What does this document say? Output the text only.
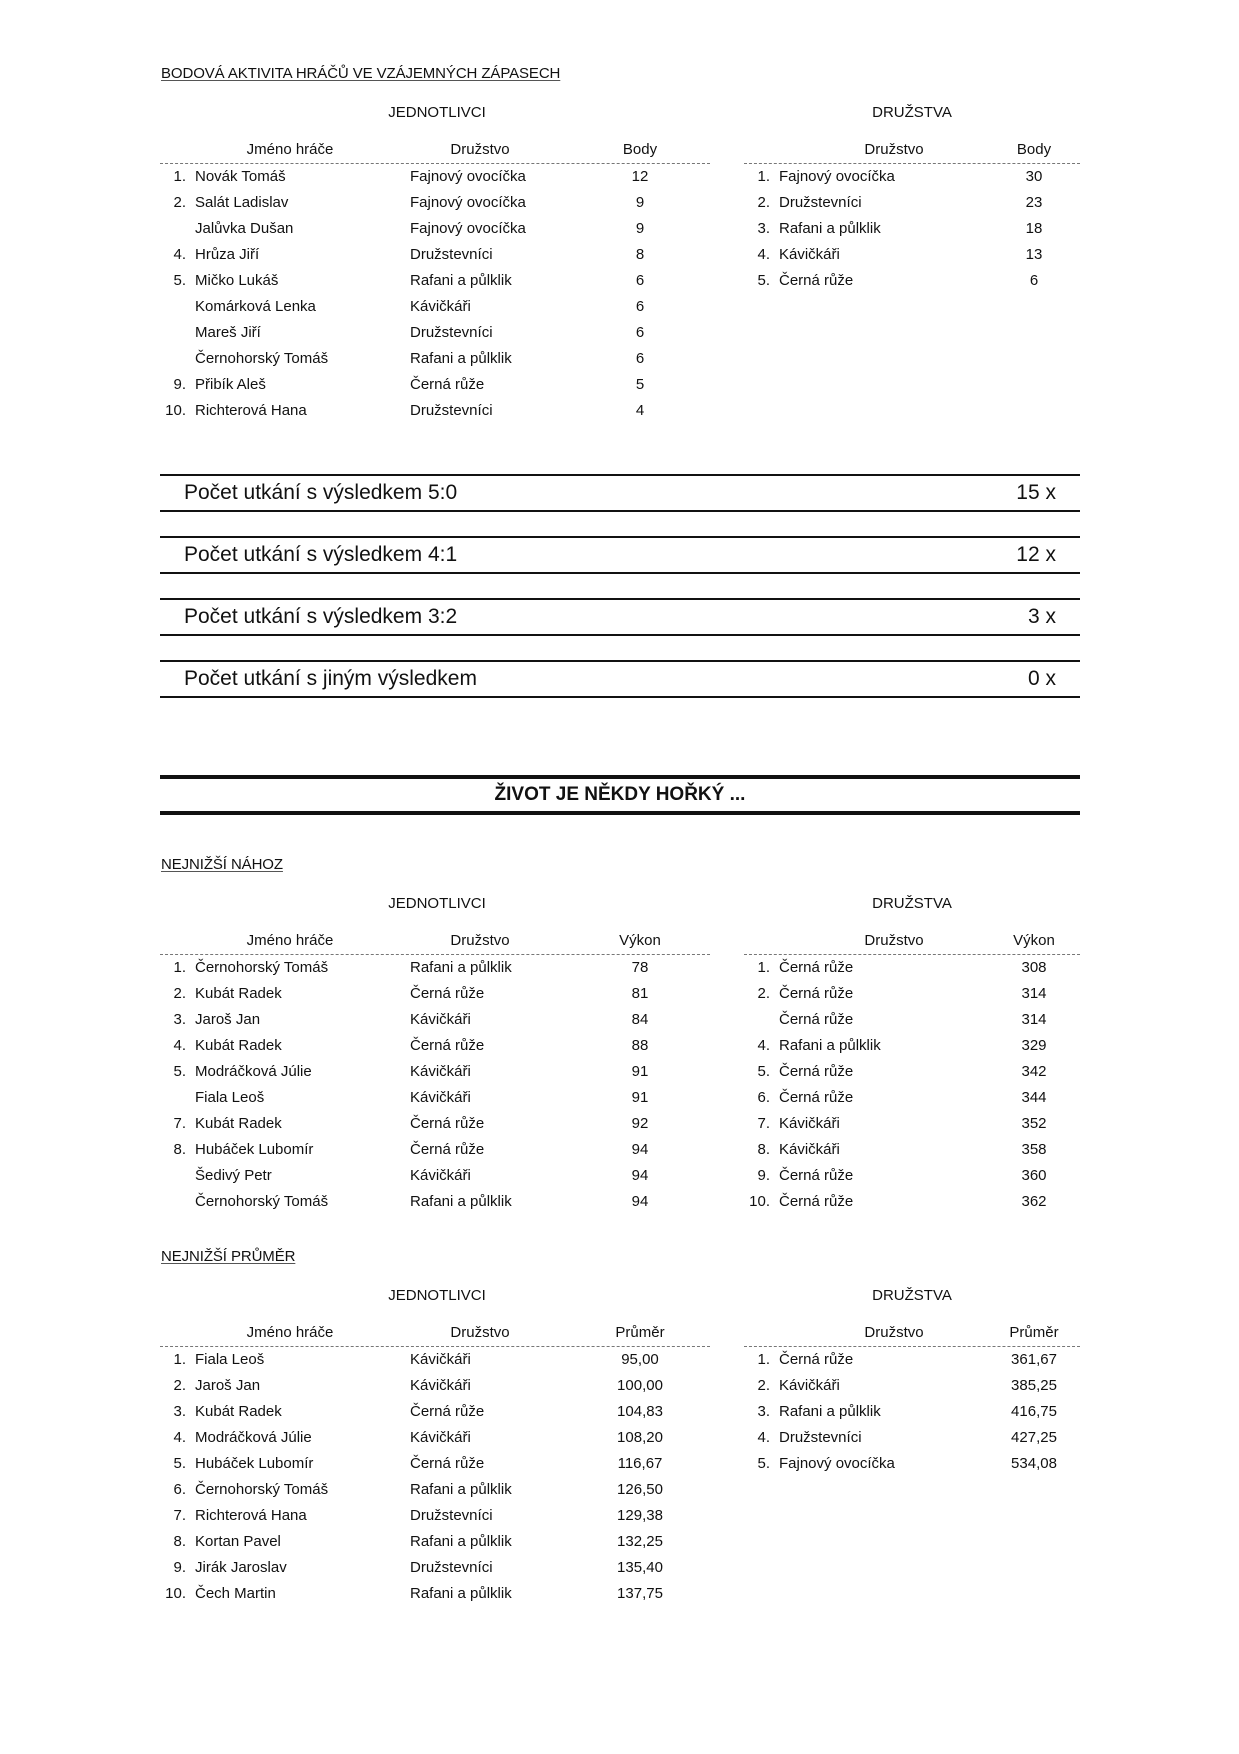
BODOVÁ AKTIVITA HRÁČŮ VE VZÁJEMNÝCH ZÁPASECH
JEDNOTLIVCI	DRUŽSTVA
Jméno hráče	Družstvo	Body
1. Novák Tomáš	Fajnový ovocíčka	12
2. Salát Ladislav	Fajnový ovocíčka	9
Jalůvka Dušan	Fajnový ovocíčka	9
4. Hrůza Jiří	Družstevníci	8
5. Mičko Lukáš	Rafani a půlklik	6
Komárková Lenka	Kávičkáři	6
Mareš Jiří	Družstevníci	6
Černohorský Tomáš	Rafani a půlklik	6
9. Přibík Aleš	Černá růže	5
10. Richterová Hana	Družstevníci	4
Družstvo	Body
1. Fajnový ovocíčka	30
2. Družstevníci	23
3. Rafani a půlklik	18
4. Kávičkáři	13
5. Černá růže	6
Počet utkání s výsledkem 5:0	15 x
Počet utkání s výsledkem 4:1	12 x
Počet utkání s výsledkem 3:2	3 x
Počet utkání s jiným výsledkem	0 x
ŽIVOT JE NĚKDY HOŘKÝ ...
NEJNIŽŠÍ NÁHOZ
JEDNOTLIVCI	DRUŽSTVA
Jméno hráče	Družstvo	Výkon
1. Černohorský Tomáš	Rafani a půlklik	78
2. Kubát Radek	Černá růže	81
3. Jaroš Jan	Kávičkáři	84
4. Kubát Radek	Černá růže	88
5. Modráčková Júlie	Kávičkáři	91
Fiala Leoš	Kávičkáři	91
7. Kubát Radek	Černá růže	92
8. Hubáček Lubomír	Černá růže	94
Šedivý Petr	Kávičkáři	94
Černohorský Tomáš	Rafani a půlklik	94
Družstvo	Výkon
1. Černá růže	308
2. Černá růže	314
Černá růže	314
4. Rafani a půlklik	329
5. Černá růže	342
6. Černá růže	344
7. Kávičkáři	352
8. Kávičkáři	358
9. Černá růže	360
10. Černá růže	362
NEJNIŽŠÍ PRŮMĚR
JEDNOTLIVCI	DRUŽSTVA
Jméno hráče	Družstvo	Průměr
1. Fiala Leoš	Kávičkáři	95,00
2. Jaroš Jan	Kávičkáři	100,00
3. Kubát Radek	Černá růže	104,83
4. Modráčková Júlie	Kávičkáři	108,20
5. Hubáček Lubomír	Černá růže	116,67
6. Černohorský Tomáš	Rafani a půlklik	126,50
7. Richterová Hana	Družstevníci	129,38
8. Kortan Pavel	Rafani a půlklik	132,25
9. Jirák Jaroslav	Družstevníci	135,40
10. Čech Martin	Rafani a půlklik	137,75
Družstvo	Průměr
1. Černá růže	361,67
2. Kávičkáři	385,25
3. Rafani a půlklik	416,75
4. Družstevníci	427,25
5. Fajnový ovocíčka	534,08
